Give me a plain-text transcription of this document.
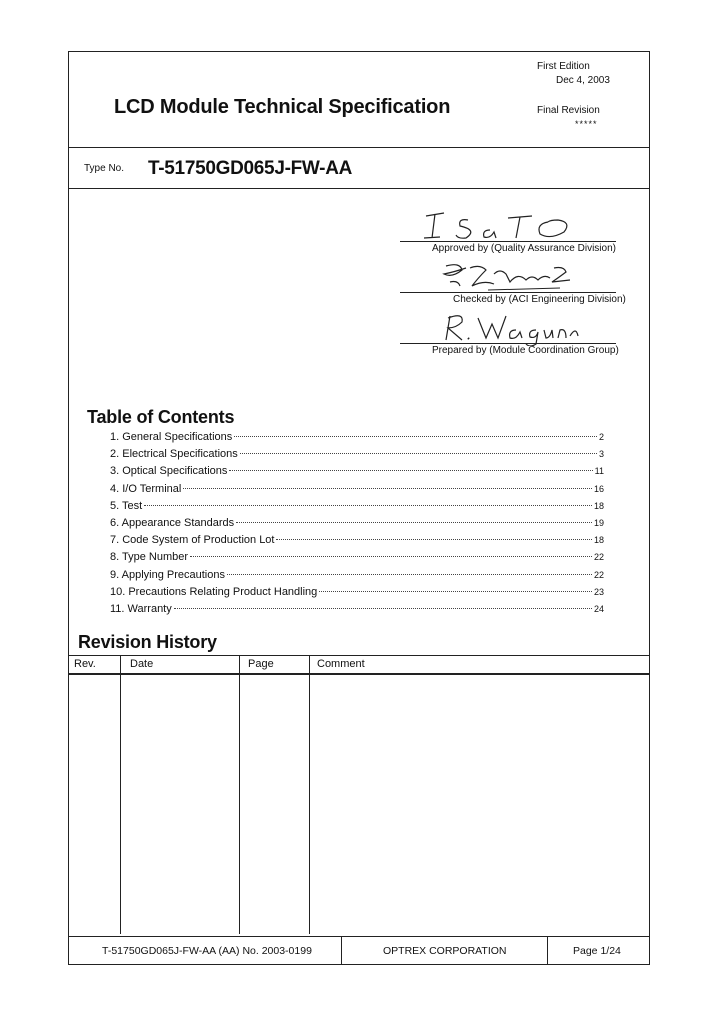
First Edition
Dec 4, 2003
LCD Module Technical Specification	Final Revision
*****
Type No. T-51750GD065J-FW-AA
Approved by (Quality Assurance Division)
Checked by (ACI Engineering Division)
Prepared by (Module Coordination Group)
Table of Contents
1. General Specifications	2
2. Electrical Specifications	3
3. Optical Specifications	11
4. I/O Terminal	16
5. Test	18
6. Appearance Standards	19
7. Code System of Production Lot	18
8. Type Number	22
9. Applying Precautions	22
10. Precautions Relating Product Handling	23
11. Warranty	24
Revision History
Rev.	Date	Page	Comment
T-51750GD065J-FW-AA (AA) No. 2003-0199	OPTREX CORPORATION	Page 1/24
